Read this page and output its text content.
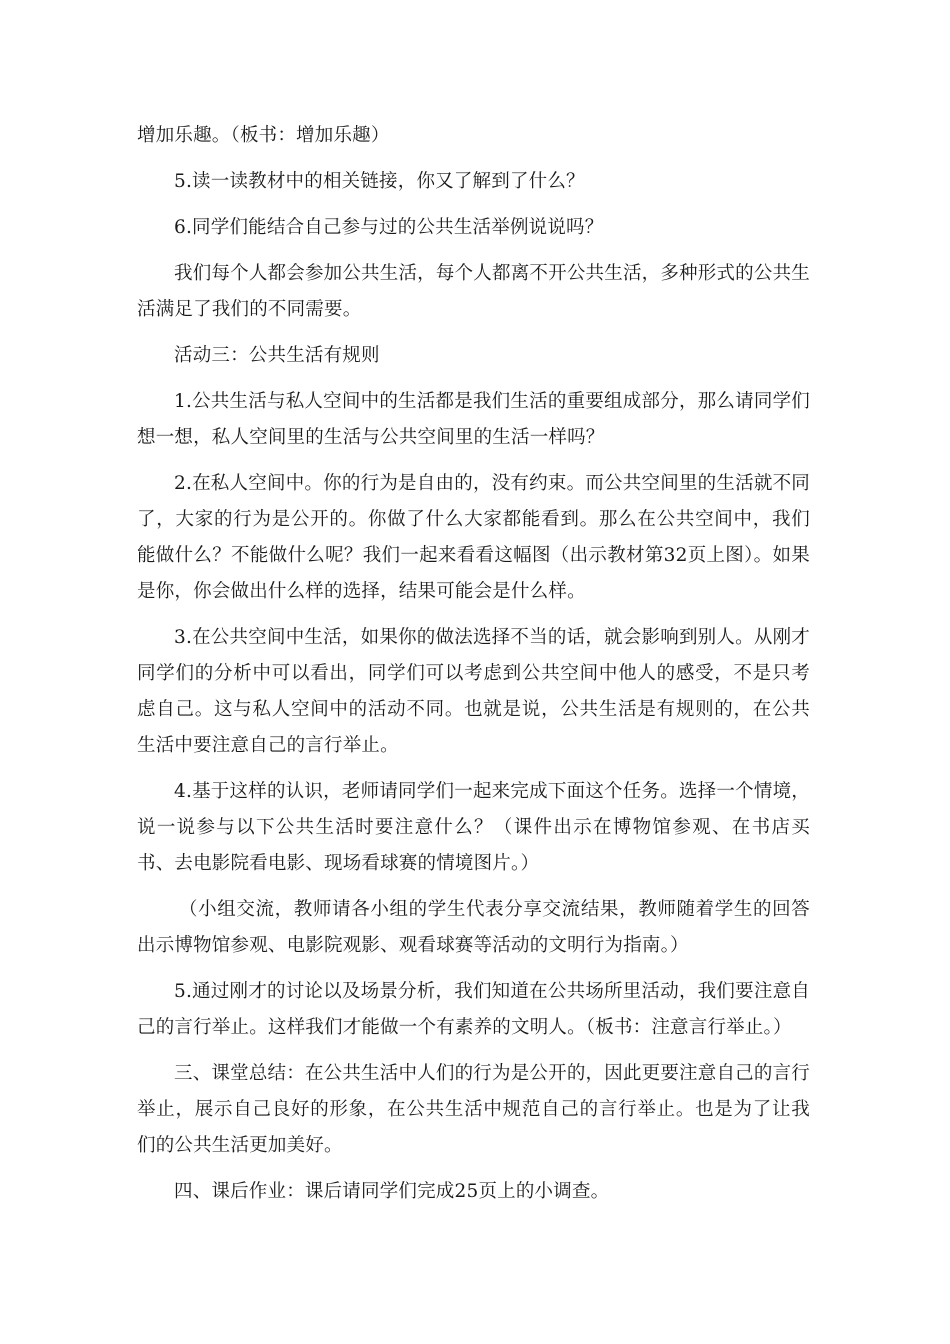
增加乐趣。（板书：增加乐趣）

5.读一读教材中的相关链接，你又了解到了什么？

6.同学们能结合自己参与过的公共生活举例说说吗？

我们每个人都会参加公共生活，每个人都离不开公共生活，多种形式的公共生活满足了我们的不同需要。

活动三：公共生活有规则

1.公共生活与私人空间中的生活都是我们生活的重要组成部分，那么请同学们想一想，私人空间里的生活与公共空间里的生活一样吗？

2.在私人空间中。你的行为是自由的，没有约束。而公共空间里的生活就不同了，大家的行为是公开的。你做了什么大家都能看到。那么在公共空间中，我们能做什么？不能做什么呢？我们一起来看看这幅图（出示教材第32页上图）。如果是你，你会做出什么样的选择，结果可能会是什么样。

3.在公共空间中生活，如果你的做法选择不当的话，就会影响到别人。从刚才同学们的分析中可以看出，同学们可以考虑到公共空间中他人的感受，不是只考虑自己。这与私人空间中的活动不同。也就是说，公共生活是有规则的，在公共生活中要注意自己的言行举止。

4.基于这样的认识，老师请同学们一起来完成下面这个任务。选择一个情境，说一说参与以下公共生活时要注意什么？（课件出示在博物馆参观、在书店买书、去电影院看电影、现场看球赛的情境图片。）

（小组交流，教师请各小组的学生代表分享交流结果，教师随着学生的回答出示博物馆参观、电影院观影、观看球赛等活动的文明行为指南。）

5.通过刚才的讨论以及场景分析，我们知道在公共场所里活动，我们要注意自己的言行举止。这样我们才能做一个有素养的文明人。（板书：注意言行举止。）

三、课堂总结：在公共生活中人们的行为是公开的，因此更要注意自己的言行举止，展示自己良好的形象，在公共生活中规范自己的言行举止。也是为了让我们的公共生活更加美好。

四、课后作业：课后请同学们完成25页上的小调查。
